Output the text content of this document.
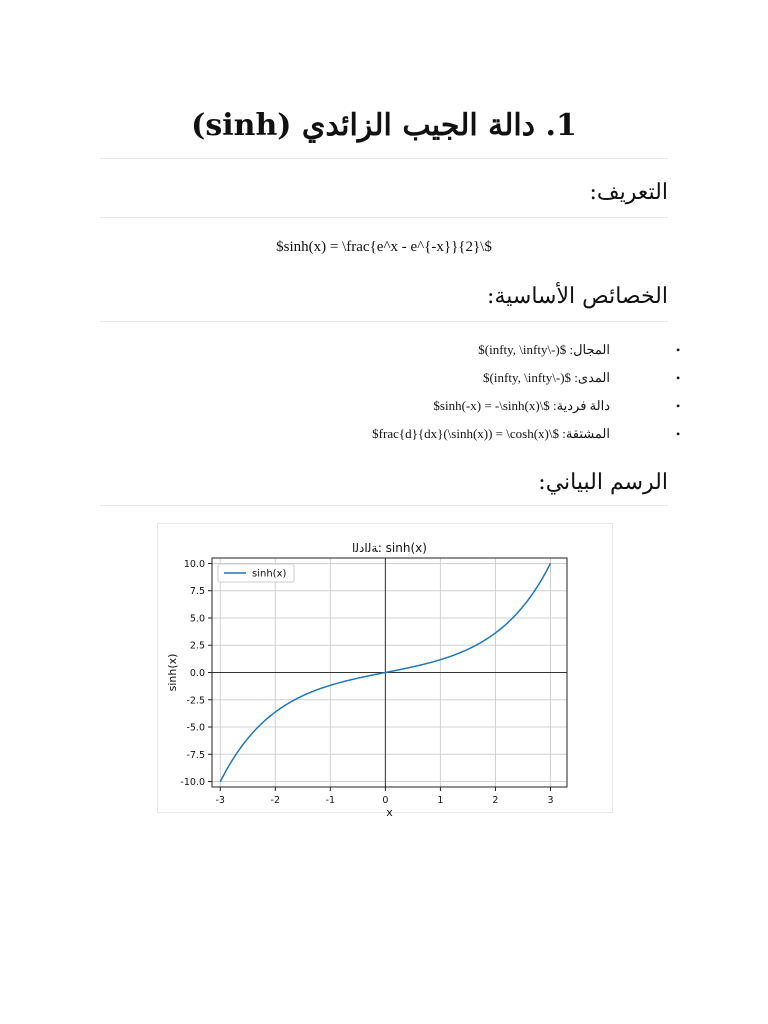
1. دالة الجيب الزائدي (sinh)
التعريف:
$sinh(x) = \frac{e^x - e^{-x}}{2}\$
الخصائص الأساسية:
•
المجال: $(-\infty, \infty)$
•
المدى: $(-\infty, \infty)$
•
دالة فردية: $\sinh(-x) = -\sinh(x)$
•
المشتقة: $\frac{d}{dx}(\sinh(x)) = \cosh(x)$
الرسم البياني:
-3	-2	-1	0	1	2	3
-10.0
-7.5
-5.0
-2.5
0.0
2.5
5.0
7.5
10.0
ﺔﻟﺍﺩﻟﺍ: sinh(x)
x
sinh(x)
sinh(x)
